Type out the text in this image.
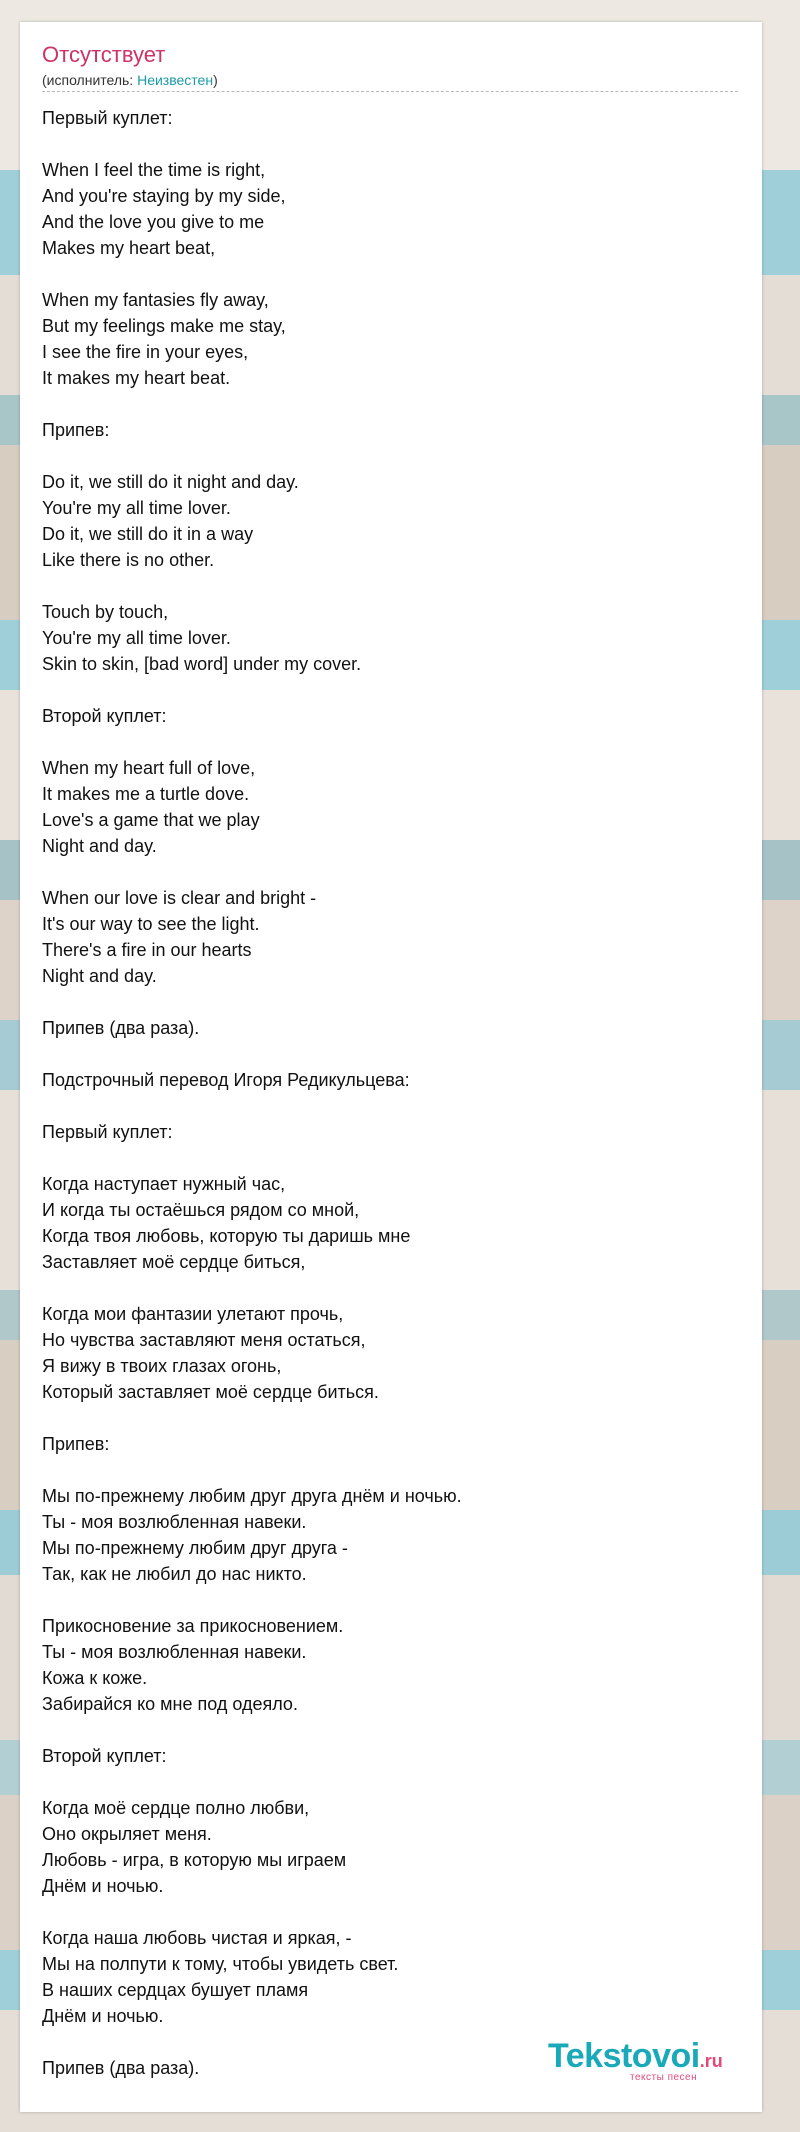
Отсутствует
(исполнитель: Неизвестен)
Первый куплет:
When I feel the time is right,
And you're staying by my side,
And the love you give to me
Makes my heart beat,
When my fantasies fly away,
But my feelings make me stay,
I see the fire in your eyes,
It makes my heart beat.
Припев:
Do it, we still do it night and day.
You're my all time lover.
Do it, we still do it in a way
Like there is no other.
Touch by touch,
You're my all time lover.
Skin to skin, [bad word] under my cover.
Второй куплет:
When my heart full of love,
It makes me a turtle dove.
Love's a game that we play
Night and day.
When our love is clear and bright -
It's our way to see the light.
There's a fire in our hearts
Night and day.
Припев (два раза).
Подстрочный перевод Игоря Редикульцева:
Первый куплет:
Когда наступает нужный час,
И когда ты остаёшься рядом со мной,
Когда твоя любовь, которую ты даришь мне
Заставляет моё сердце биться,
Когда мои фантазии улетают прочь,
Но чувства заставляют меня остаться,
Я вижу в твоих глазах огонь,
Который заставляет моё сердце биться.
Припев:
Мы по-прежнему любим друг друга днём и ночью.
Ты - моя возлюбленная навеки.
Мы по-прежнему любим друг друга -
Так, как не любил до нас никто.
Прикосновение за прикосновением.
Ты - моя возлюбленная навеки.
Кожа к коже.
Забирайся ко мне под одеяло.
Второй куплет:
Когда моё сердце полно любви,
Оно окрыляет меня.
Любовь - игра, в которую мы играем
Днём и ночью.
Когда наша любовь чистая и яркая, -
Мы на полпути к тому, чтобы увидеть свет.
В наших сердцах бушует пламя
Днём и ночью.
Припев (два раза).	Tekstovoi.ru
тексты песен
